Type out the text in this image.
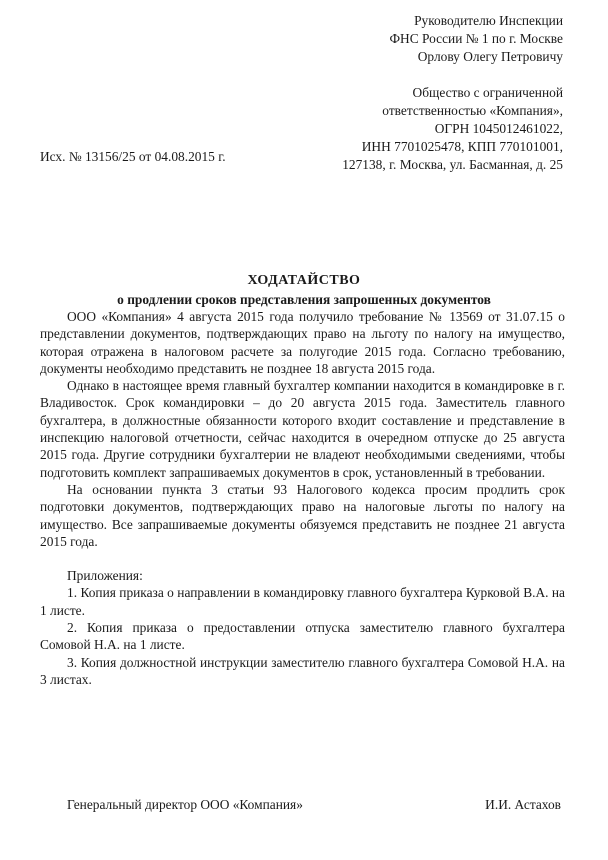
Руководителю Инспекции
ФНС России № 1 по г. Москве
Орлову Олегу Петровичу
Общество с ограниченной
ответственностью «Компания»,
ОГРН 1045012461022,
ИНН 7701025478, КПП 770101001,
127138, г. Москва, ул. Басманная, д. 25
Исх. № 13156/25 от 04.08.2015 г.
ХОДАТАЙСТВО
о продлении сроков представления запрошенных документов

ООО «Компания» 4 августа 2015 года получило требование № 13569 от 31.07.15 о представлении документов, подтверждающих право на льготу по налогу на имущество, которая отражена в налоговом расчете за полугодие 2015 года. Согласно требованию, документы необходимо представить не позднее 18 августа 2015 года.

Однако в настоящее время главный бухгалтер компании находится в командировке в г. Владивосток. Срок командировки – до 20 августа 2015 года. Заместитель главного бухгалтера, в должностные обязанности которого входит составление и представление в инспекцию налоговой отчетности, сейчас находится в очередном отпуске до 25 августа 2015 года. Другие сотрудники бухгалтерии не владеют необходимыми сведениями, чтобы подготовить комплект запрашиваемых документов в срок, установленный в требовании.

На основании пункта 3 статьи 93 Налогового кодекса просим продлить срок подготовки документов, подтверждающих право на налоговые льготы по налогу на имущество. Все запрашиваемые документы обязуемся представить не позднее 21 августа 2015 года.

Приложения:

1. Копия приказа о направлении в командировку главного бухгалтера Курковой В.А. на 1 листе.

2. Копия приказа о предоставлении отпуска заместителю главного бухгалтера Сомовой Н.А. на 1 листе.

3. Копия должностной инструкции заместителю главного бухгалтера Сомовой Н.А. на 3 листах.

Генеральный директор ООО «Компания»	И.И. Астахов
